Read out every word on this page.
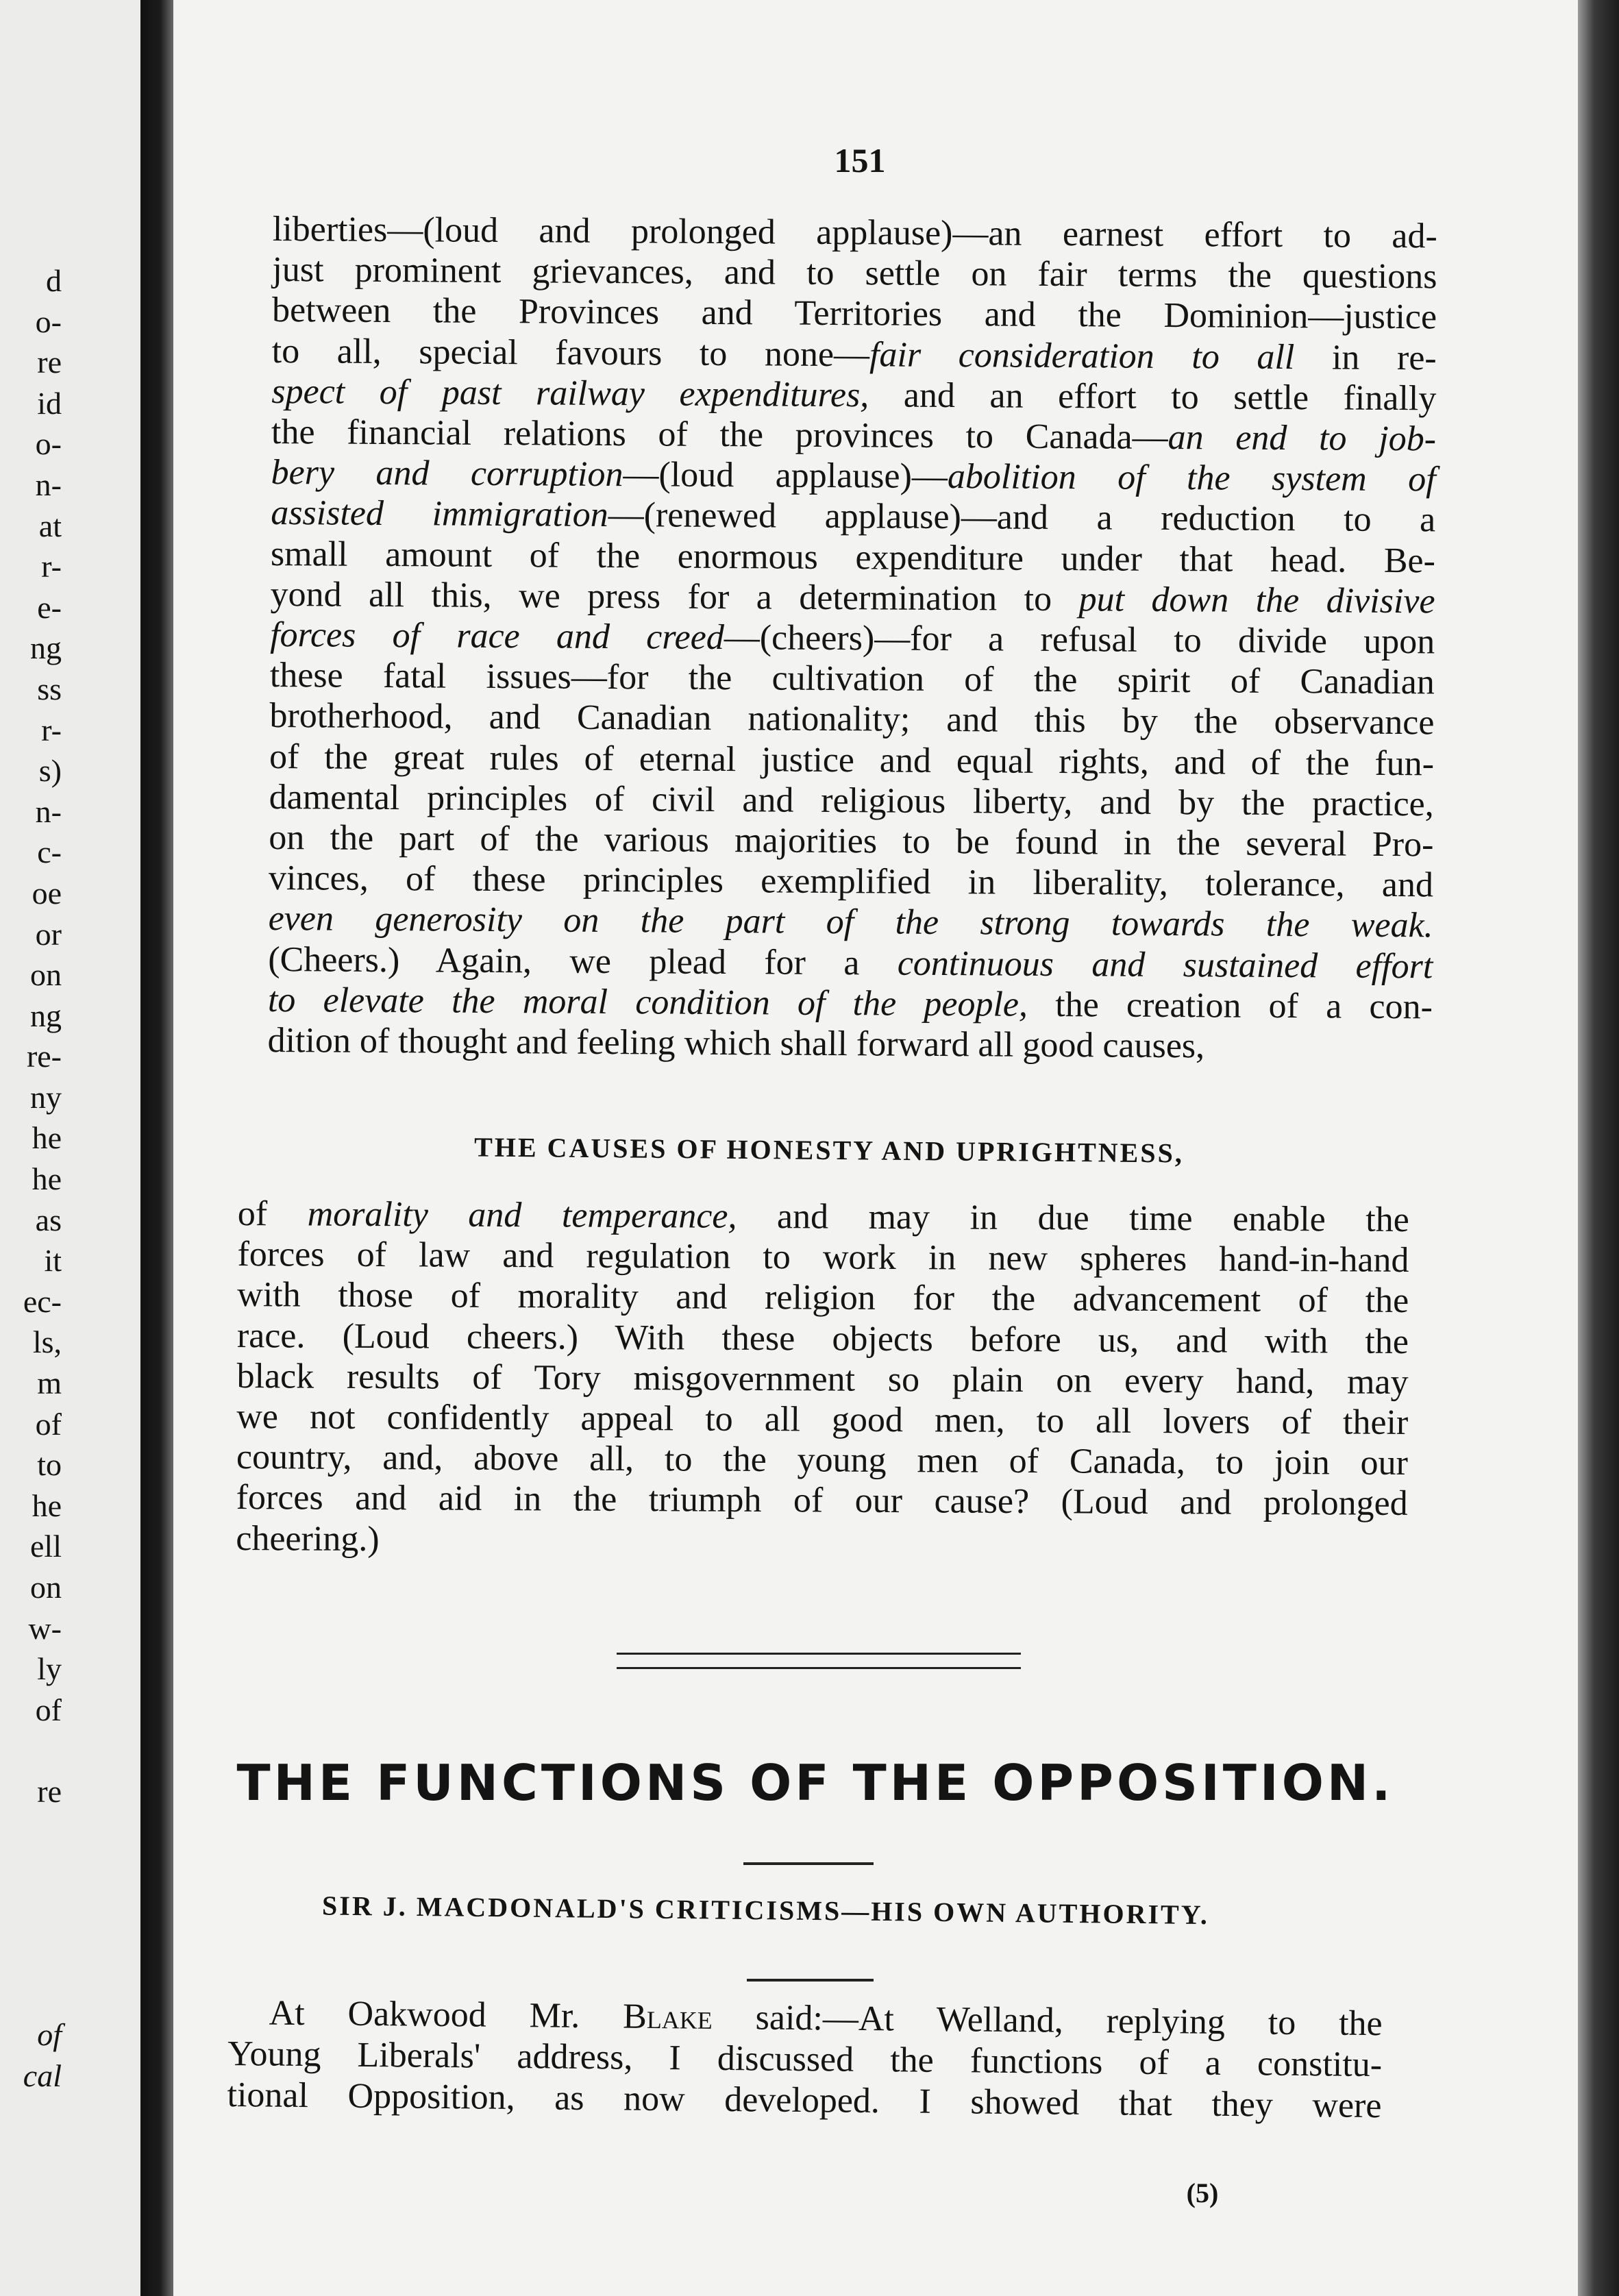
d
o-
re
id
o-
n-
at
r-
e-
ng
ss
r-
s)
n-
c-
oe
or
on
ng
re-
ny
he
he
as
it
ec-
ls,
m
of
to
he
ell
on
w-
ly
of
re
of
cal
151
liberties—(loud and prolonged applause)—an earnest effort to ad-
just prominent grievances, and to settle on fair terms the questions
between the Provinces and Territories and the Dominion—justice
to all, special favours to none—fair consideration to all in re-
spect of past railway expenditures, and an effort to settle finally
the financial relations of the provinces to Canada—an end to job-
bery and corruption—(loud applause)—abolition of the system of
assisted immigration—(renewed applause)—and a reduction to a
small amount of the enormous expenditure under that head. Be-
yond all this, we press for a determination to put down the divisive
forces of race and creed—(cheers)—for a refusal to divide upon
these fatal issues—for the cultivation of the spirit of Canadian
brotherhood, and Canadian nationality; and this by the observance
of the great rules of eternal justice and equal rights, and of the fun-
damental principles of civil and religious liberty, and by the practice,
on the part of the various majorities to be found in the several Pro-
vinces, of these principles exemplified in liberality, tolerance, and
even generosity on the part of the strong towards the weak.
(Cheers.) Again, we plead for a continuous and sustained effort
to elevate the moral condition of the people, the creation of a con-
dition of thought and feeling which shall forward all good causes,
THE CAUSES OF HONESTY AND UPRIGHTNESS,
of morality and temperance, and may in due time enable the
forces of law and regulation to work in new spheres hand-in-hand
with those of morality and religion for the advancement of the
race. (Loud cheers.) With these objects before us, and with the
black results of Tory misgovernment so plain on every hand, may
we not confidently appeal to all good men, to all lovers of their
country, and, above all, to the young men of Canada, to join our
forces and aid in the triumph of our cause? (Loud and prolonged
cheering.)
THE FUNCTIONS OF THE OPPOSITION.
SIR J. MACDONALD'S CRITICISMS—HIS OWN AUTHORITY.
At Oakwood Mr. Blake said:—At Welland, replying to the
Young Liberals' address, I discussed the functions of a constitu-
tional Opposition, as now developed. I showed that they were
(5)
